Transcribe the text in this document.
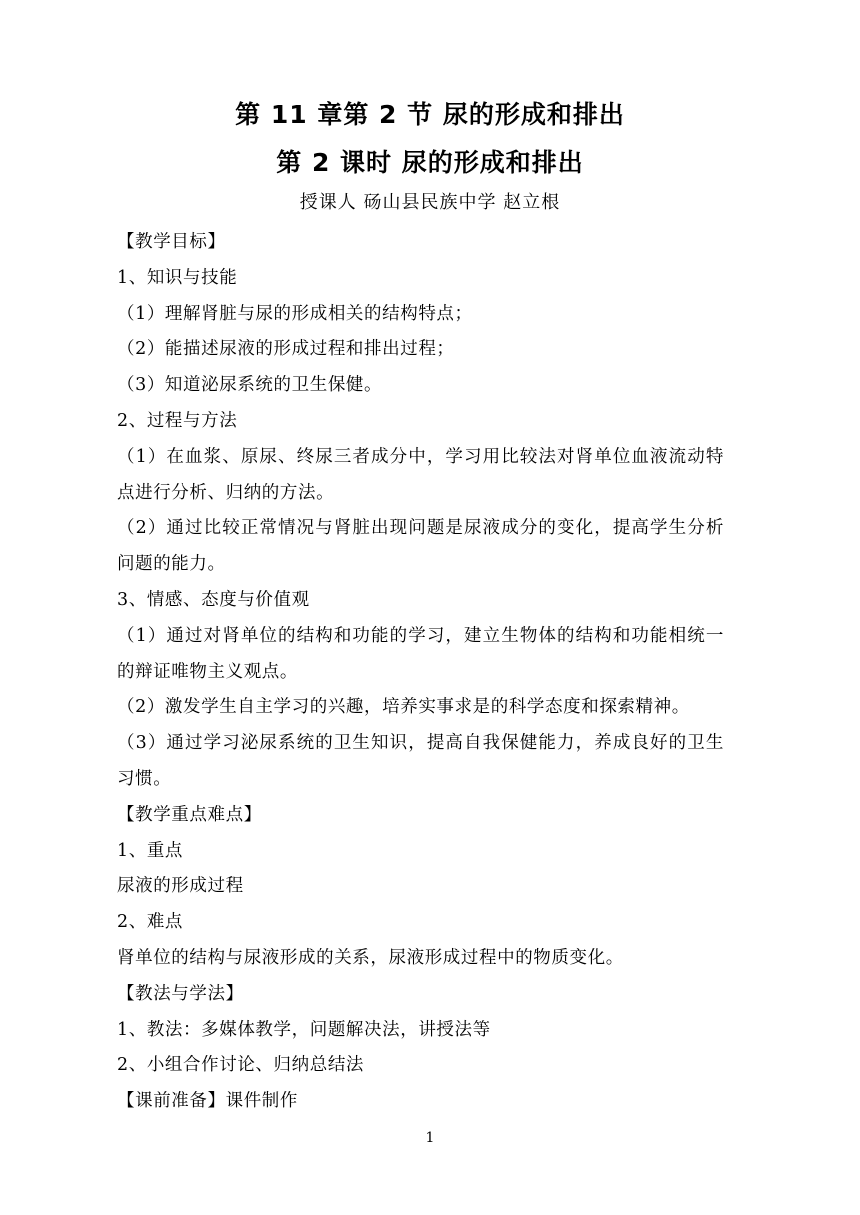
第 11 章第 2 节 尿的形成和排出
第 2 课时 尿的形成和排出
授课人 砀山县民族中学 赵立根
【教学目标】
1、知识与技能
（1）理解肾脏与尿的形成相关的结构特点；
（2）能描述尿液的形成过程和排出过程；
（3）知道泌尿系统的卫生保健。
2、过程与方法
（1）在血浆、原尿、终尿三者成分中，学习用比较法对肾单位血液流动特
点进行分析、归纳的方法。
（2）通过比较正常情况与肾脏出现问题是尿液成分的变化，提高学生分析
问题的能力。
3、情感、态度与价值观
（1）通过对肾单位的结构和功能的学习，建立生物体的结构和功能相统一
的辩证唯物主义观点。
（2）激发学生自主学习的兴趣，培养实事求是的科学态度和探索精神。
（3）通过学习泌尿系统的卫生知识，提高自我保健能力，养成良好的卫生
习惯。
【教学重点难点】
1、重点
尿液的形成过程
2、难点
肾单位的结构与尿液形成的关系，尿液形成过程中的物质变化。
【教法与学法】
1、教法：多媒体教学，问题解决法，讲授法等
2、小组合作讨论、归纳总结法
【课前准备】课件制作
1
